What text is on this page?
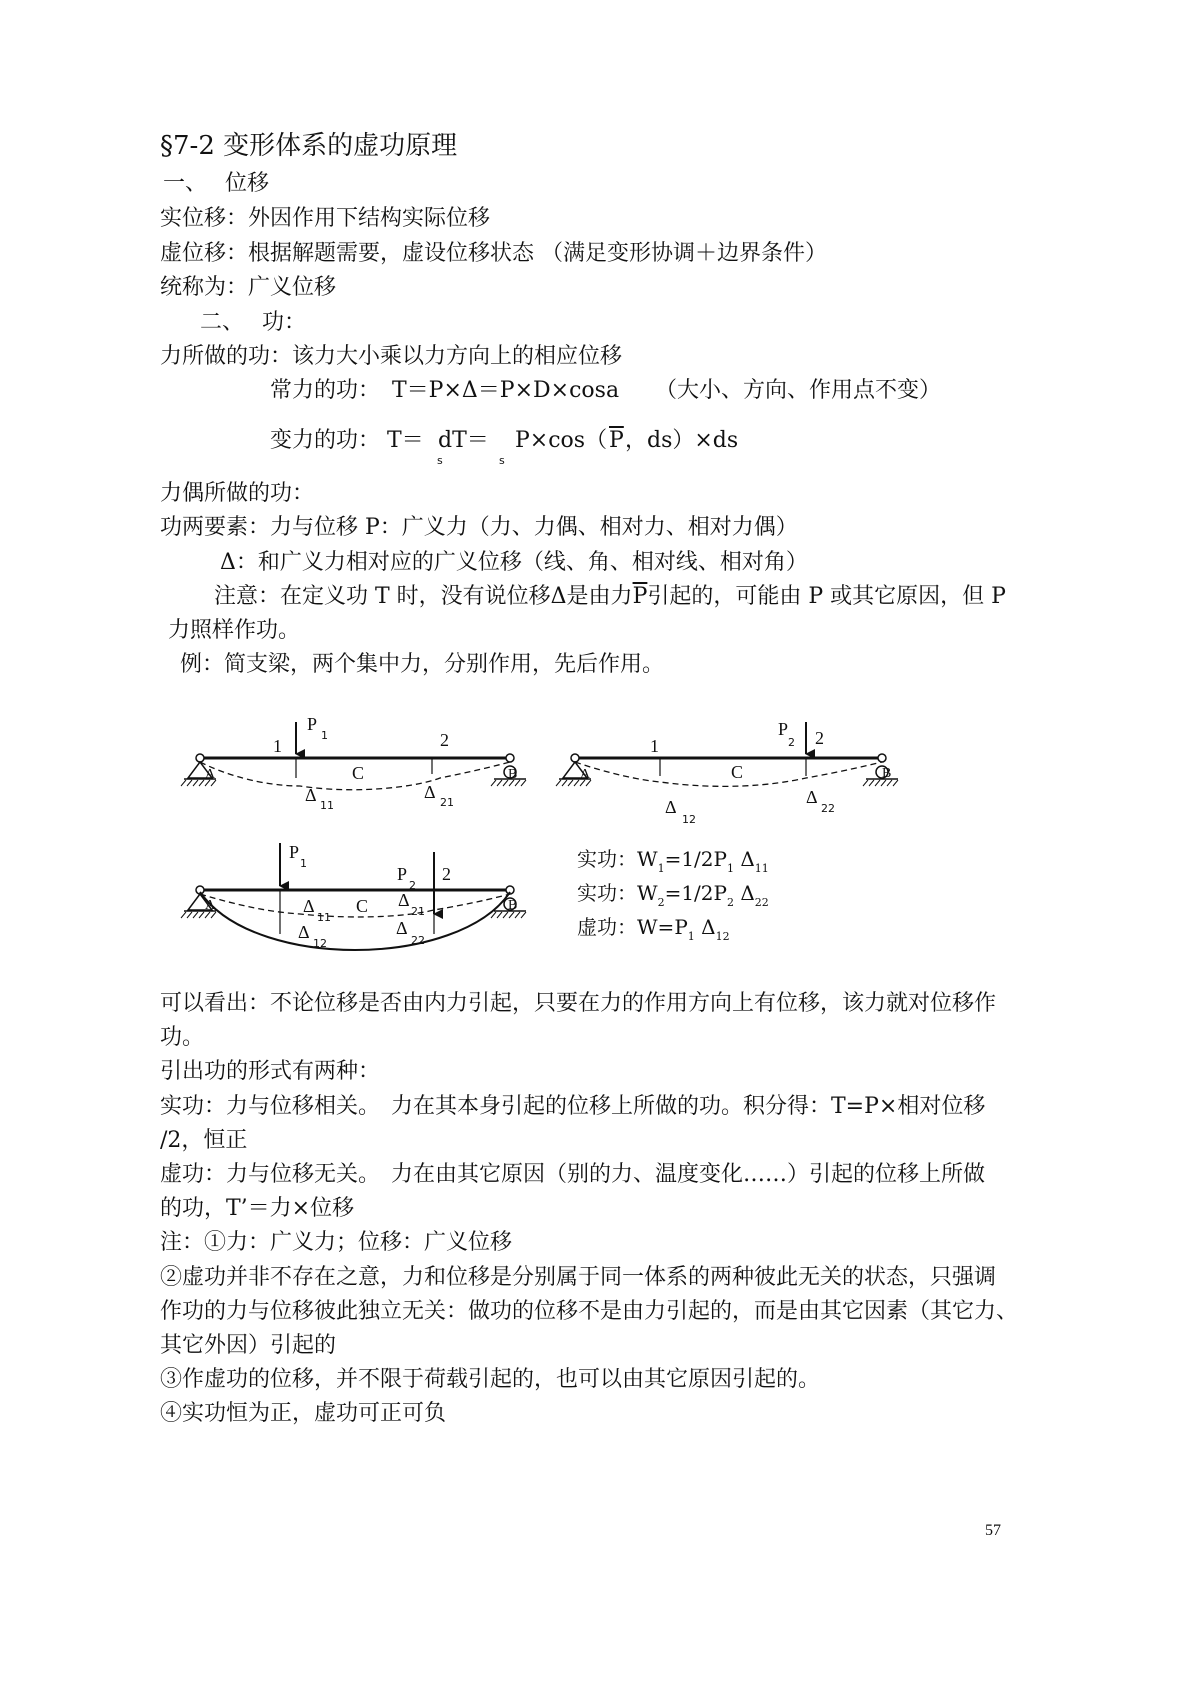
§7-2 变形体系的虚功原理
一、　 位移
实位移：外因作用下结构实际位移
虚位移：根据解题需要，虚设位移状态 （满足变形协调＋边界条件）
统称为：广义位移
二、　 功：
力所做的功：该力大小乘以力方向上的相应位移
常力的功： T＝P×Δ＝P×D×cosa （大小、方向、作用点不变）
变力的功： T＝ dT＝ P×cos（ $\overline{P}$ ，ds）×ds
s	s
力偶所做的功：
功两要素：力与位移 P：广义力（力、力偶、相对力、相对力偶）
Δ：和广义力相对应的广义位移（线、角、相对线、相对角）
注意：在定义功 T 时，没有说位移Δ是由力$\overline{P}$引起的，可能由 P 或其它原因，但 P
力照样作功。
例：简支梁，两个集中力，分别作用，先后作用。
P
1
1	2
C
A	B
Δ
11
Δ
21
P
2 2
1
C
A	B
Δ
12
Δ
22
P
1
P
2
2
C
A	B
Δ
11
Δ
21
Δ
12
Δ
22
实功：$W_1=1/2P_1$ $\Delta_{11}$
实功：$W_2=1/2P_2$ $\Delta_{22}$
虚功：$W=P_1$ $\Delta_{12}$
可以看出：不论位移是否由内力引起，只要在力的作用方向上有位移，该力就对位移作
功。
引出功的形式有两种：
实功：力与位移相关。　力在其本身引起的位移上所做的功。积分得：T=P×相对位移
/2，恒正
虚功：力与位移无关。　力在由其它原因（别的力、温度变化……）引起的位移上所做
的功，T’＝力×位移
注：①力：广义力；位移：广义位移
②虚功并非不存在之意，力和位移是分别属于同一体系的两种彼此无关的状态，只强调
作功的力与位移彼此独立无关：做功的位移不是由力引起的，而是由其它因素（其它力、
其它外因）引起的
③作虚功的位移，并不限于荷载引起的，也可以由其它原因引起的。
④实功恒为正，虚功可正可负
57
